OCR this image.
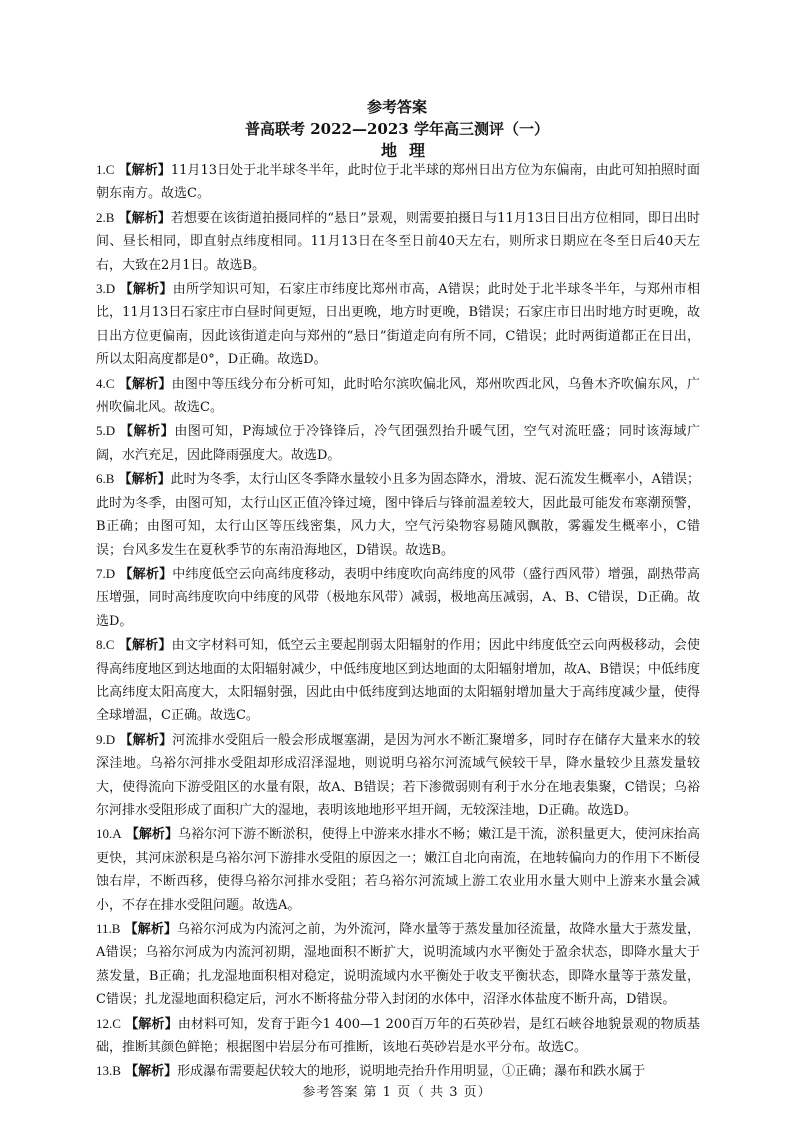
参考答案
普高联考 2022—2023 学年高三测评（一）
地理

1.C 【解析】11月13日处于北半球冬半年，此时位于北半球的郑州日出方位为东偏南，由此可知拍照时面朝东南方。故选C。

2.B 【解析】若想要在该街道拍摄同样的“悬日”景观，则需要拍摄日与11月13日日出方位相同，即日出时间、昼长相同，即直射点纬度相同。11月13日在冬至日前40天左右，则所求日期应在冬至日后40天左右，大致在2月1日。故选B。

3.D 【解析】由所学知识可知，石家庄市纬度比郑州市高，A错误；此时处于北半球冬半年，与郑州市相比，11月13日石家庄市白昼时间更短，日出更晚，地方时更晚，B错误；石家庄市日出时地方时更晚，故日出方位更偏南，因此该街道走向与郑州的“悬日”街道走向有所不同，C错误；此时两街道都正在日出，所以太阳高度都是0°，D正确。故选D。

4.C 【解析】由图中等压线分布分析可知，此时哈尔滨吹偏北风，郑州吹西北风，乌鲁木齐吹偏东风，广州吹偏北风。故选C。

5.D 【解析】由图可知，P海域位于冷锋锋后，冷气团强烈抬升暖气团，空气对流旺盛；同时该海域广阔，水汽充足，因此降雨强度大。故选D。

6.B 【解析】此时为冬季，太行山区冬季降水量较小且多为固态降水，滑坡、泥石流发生概率小，A错误；此时为冬季，由图可知，太行山区正值冷锋过境，图中锋后与锋前温差较大，因此最可能发布寒潮预警，B正确；由图可知，太行山区等压线密集，风力大，空气污染物容易随风飘散，雾霾发生概率小，C错误；台风多发生在夏秋季节的东南沿海地区，D错误。故选B。

7.D 【解析】中纬度低空云向高纬度移动，表明中纬度吹向高纬度的风带（盛行西风带）增强，副热带高压增强，同时高纬度吹向中纬度的风带（极地东风带）减弱，极地高压减弱，A、B、C错误，D正确。故选D。

8.C 【解析】由文字材料可知，低空云主要起削弱太阳辐射的作用；因此中纬度低空云向两极移动，会使得高纬度地区到达地面的太阳辐射减少，中低纬度地区到达地面的太阳辐射增加，故A、B错误；中低纬度比高纬度太阳高度大，太阳辐射强，因此由中低纬度到达地面的太阳辐射增加量大于高纬度减少量，使得全球增温，C正确。故选C。

9.D 【解析】河流排水受阻后一般会形成堰塞湖，是因为河水不断汇聚增多，同时存在储存大量来水的较深洼地。乌裕尔河排水受阻却形成沼泽湿地，则说明乌裕尔河流域气候较干旱，降水量较少且蒸发量较大，使得流向下游受阻区的水量有限，故A、B错误；若下渗微弱则有利于水分在地表集聚，C错误；乌裕尔河排水受阻形成了面积广大的湿地，表明该地地形平坦开阔，无较深洼地，D正确。故选D。

10.A 【解析】乌裕尔河下游不断淤积，使得上中游来水排水不畅；嫩江是干流，淤积量更大，使河床抬高更快，其河床淤积是乌裕尔河下游排水受阻的原因之一；嫩江自北向南流，在地转偏向力的作用下不断侵蚀右岸，不断西移，使得乌裕尔河排水受阻；若乌裕尔河流域上游工农业用水量大则中上游来水量会减小，不存在排水受阻问题。故选A。

11.B 【解析】乌裕尔河成为内流河之前，为外流河，降水量等于蒸发量加径流量，故降水量大于蒸发量，A错误；乌裕尔河成为内流河初期，湿地面积不断扩大，说明流域内水平衡处于盈余状态，即降水量大于蒸发量，B正确；扎龙湿地面积相对稳定，说明流域内水平衡处于收支平衡状态，即降水量等于蒸发量，C错误；扎龙湿地面积稳定后，河水不断将盐分带入封闭的水体中，沼泽水体盐度不断升高，D错误。

12.C 【解析】由材料可知，发育于距今1 400—1 200百万年的石英砂岩，是红石峡谷地貌景观的物质基础，推断其颜色鲜艳；根据图中岩层分布可推断，该地石英砂岩是水平分布。故选C。

13.B 【解析】形成瀑布需要起伏较大的地形，说明地壳抬升作用明显，①正确；瀑布和跌水属于

参考答案 第 1 页（ 共 3 页）
